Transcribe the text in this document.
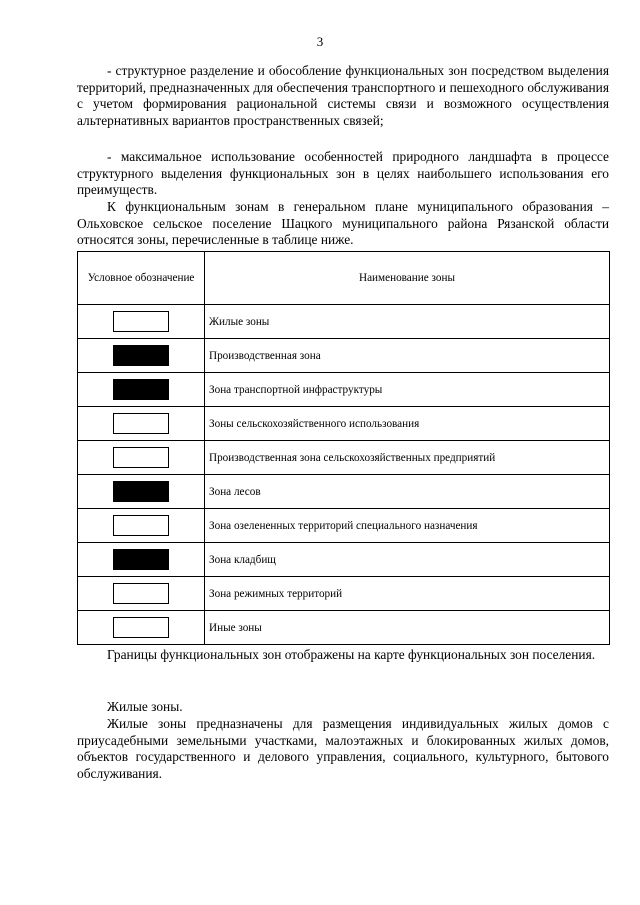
3

- структурное разделение и обособление функциональных зон посредством выделения территорий, предназначенных для обеспечения транспортного и пешеходного обслуживания с учетом формирования рациональной системы связи и возможного осуществления альтернативных вариантов пространственных связей;

- максимальное использование особенностей природного ландшафта в процессе структурного выделения функциональных зон в целях наибольшего использования его преимуществ.

К функциональным зонам в генеральном плане муниципального образования – Ольховское сельское поселение Шацкого муниципального района Рязанской области относятся зоны, перечисленные в таблице ниже.

Условное обозначение	Наименование зоны
	Жилые зоны
	Производственная зона
	Зона транспортной инфраструктуры
	Зоны сельскохозяйственного использования
	Производственная зона сельскохозяйственных предприятий
	Зона лесов
	Зона озелененных территорий специального назначения
	Зона кладбищ
	Зона режимных территорий
	Иные зоны

Границы функциональных зон отображены на карте функциональных зон поселения.

Жилые зоны.

Жилые зоны предназначены для размещения индивидуальных жилых домов с приусадебными земельными участками, малоэтажных и блокированных жилых домов, объектов государственного и делового управления, социального, культурного, бытового обслуживания.
